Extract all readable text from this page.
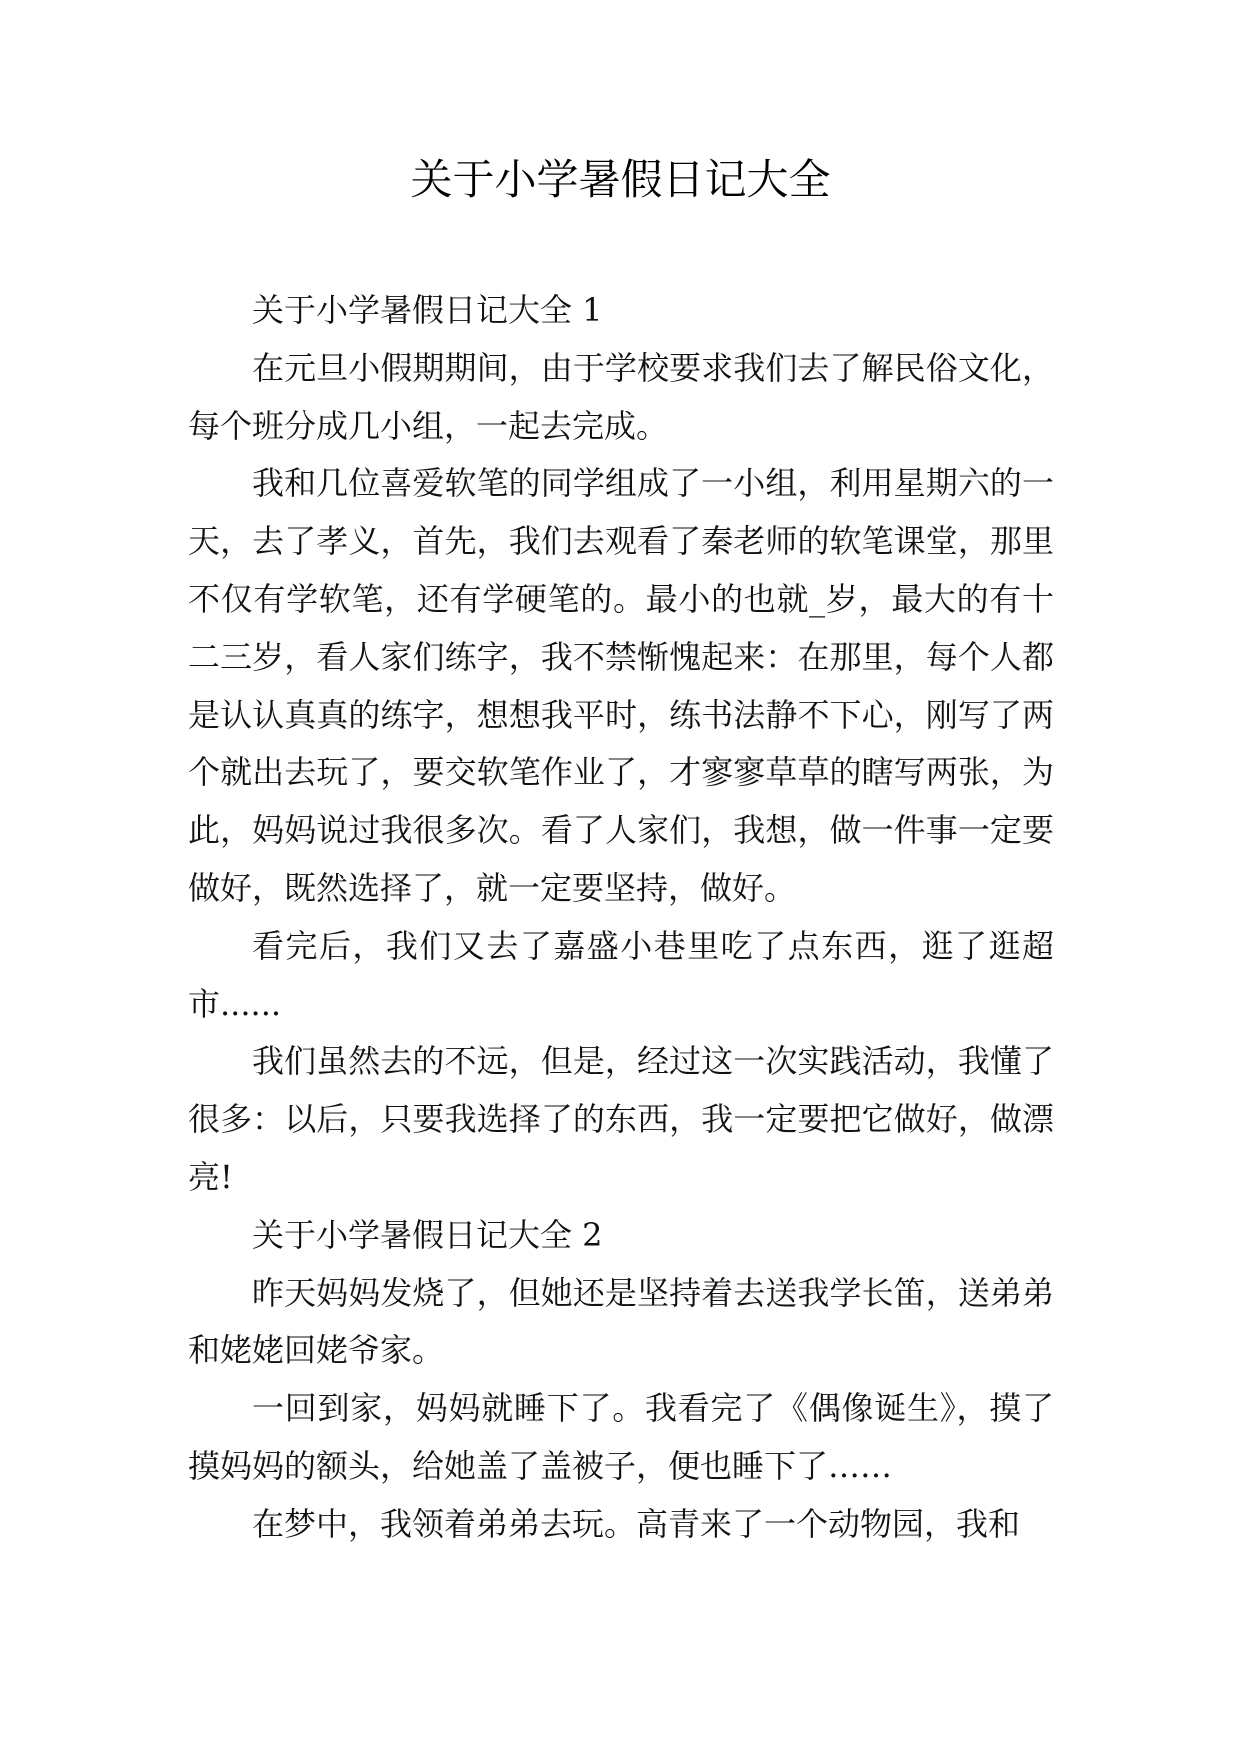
关于小学暑假日记大全

关于小学暑假日记大全 1

在元旦小假期期间，由于学校要求我们去了解民俗文化，每个班分成几小组，一起去完成。

我和几位喜爱软笔的同学组成了一小组，利用星期六的一天，去了孝义，首先，我们去观看了秦老师的软笔课堂，那里不仅有学软笔，还有学硬笔的。最小的也就_岁，最大的有十二三岁，看人家们练字，我不禁惭愧起来：在那里，每个人都是认认真真的练字，想想我平时，练书法静不下心，刚写了两个就出去玩了，要交软笔作业了，才寥寥草草的瞎写两张，为此，妈妈说过我很多次。看了人家们，我想，做一件事一定要做好，既然选择了，就一定要坚持，做好。

看完后，我们又去了嘉盛小巷里吃了点东西，逛了逛超市......

我们虽然去的不远，但是，经过这一次实践活动，我懂了很多：以后，只要我选择了的东西，我一定要把它做好，做漂亮!

关于小学暑假日记大全 2

昨天妈妈发烧了，但她还是坚持着去送我学长笛，送弟弟和姥姥回姥爷家。

一回到家，妈妈就睡下了。我看完了《偶像诞生》，摸了摸妈妈的额头，给她盖了盖被子，便也睡下了……

在梦中，我领着弟弟去玩。高青来了一个动物园，我和
